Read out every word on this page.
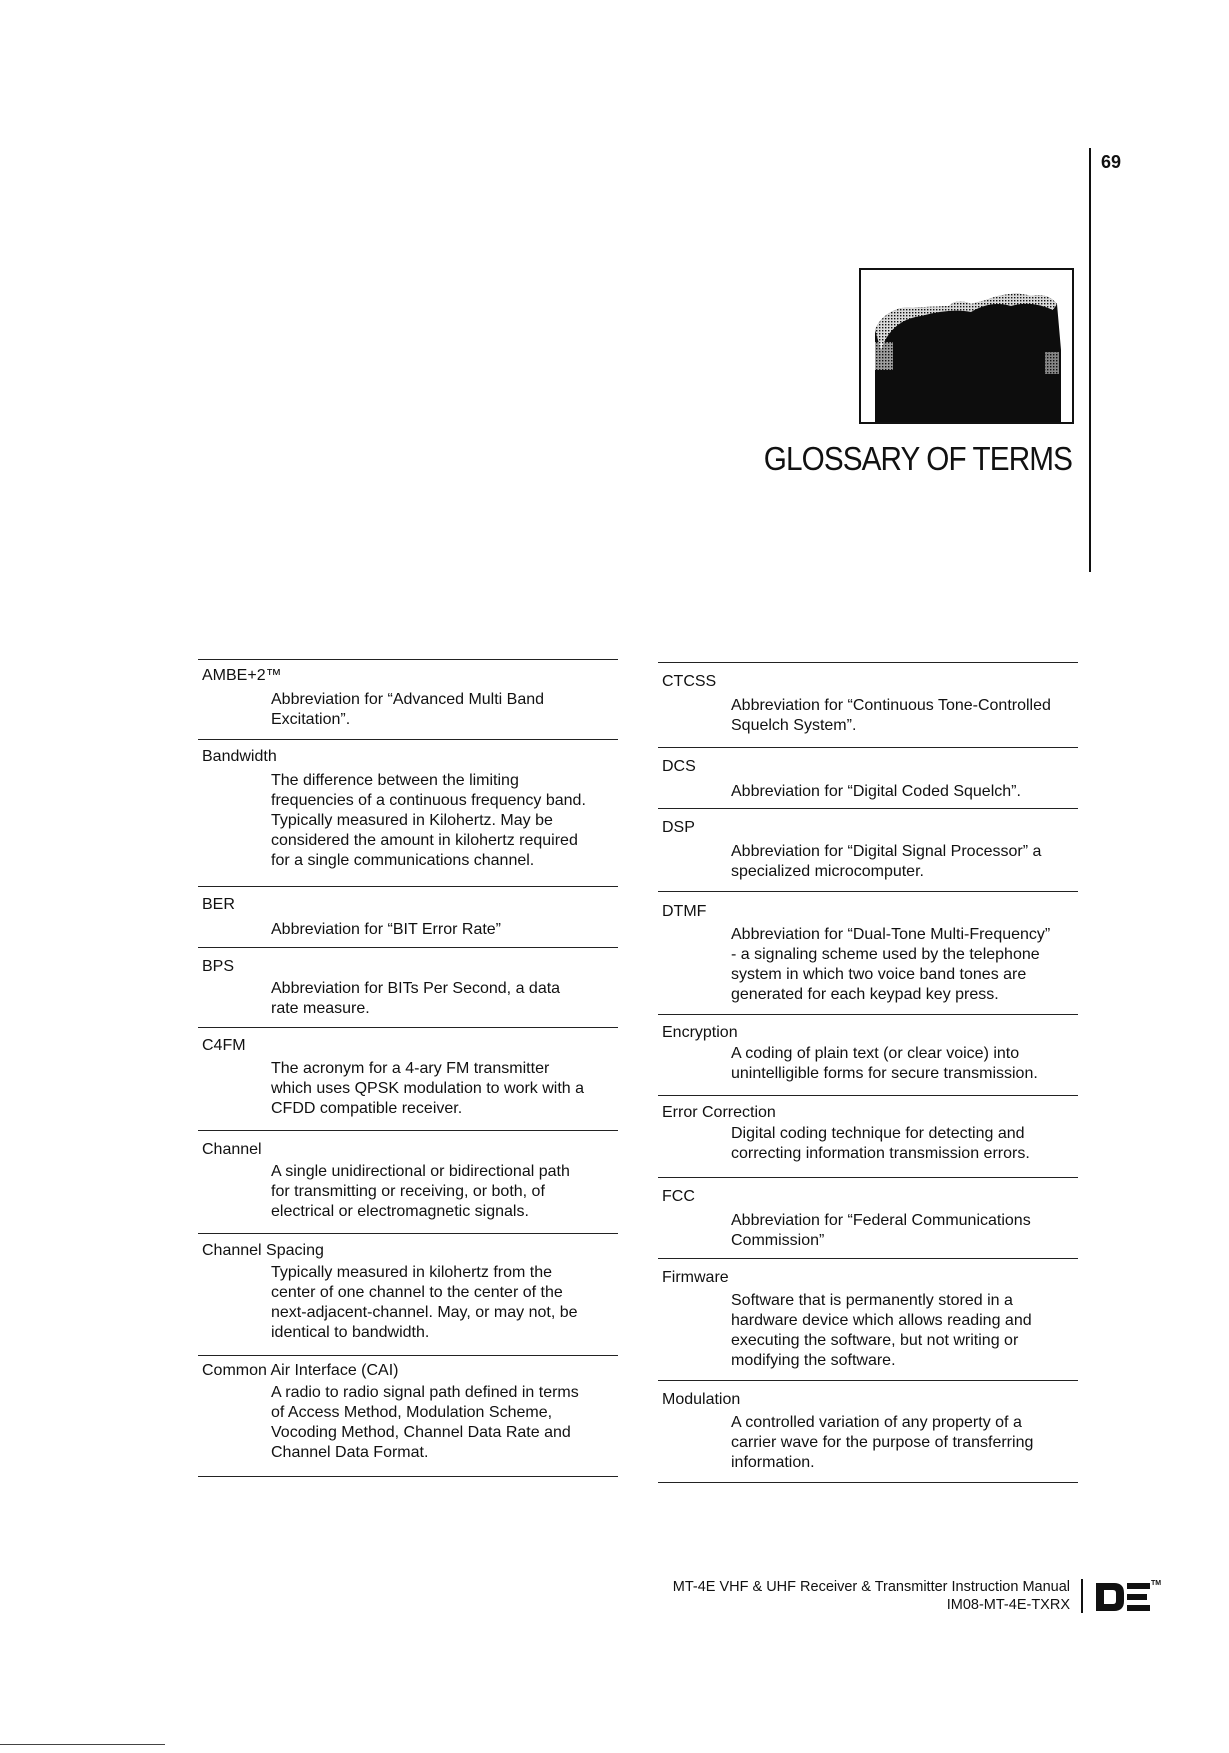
69
GLOSSARY OF TERMS
AMBE+2™
Abbreviation for “Advanced Multi Band
Excitation”.
Bandwidth
The difference between the limiting
frequencies of a continuous frequency band.
Typically measured in Kilohertz. May be
considered the amount in kilohertz required
for a single communications channel.
BER
Abbreviation for “BIT Error Rate”
BPS
Abbreviation for BITs Per Second, a data
rate measure.
C4FM
The acronym for a 4-ary FM transmitter
which uses QPSK modulation to work with a
CFDD compatible receiver.
Channel
A single unidirectional or bidirectional path
for transmitting or receiving, or both, of
electrical or electromagnetic signals.
Channel Spacing
Typically measured in kilohertz from the
center of one channel to the center of the
next-adjacent-channel. May, or may not, be
identical to bandwidth.
Common Air Interface (CAI)
A radio to radio signal path defined in terms
of Access Method, Modulation Scheme,
Vocoding Method, Channel Data Rate and
Channel Data Format.
CTCSS
Abbreviation for “Continuous Tone-Controlled
Squelch System”.
DCS
Abbreviation for “Digital Coded Squelch”.
DSP
Abbreviation for “Digital Signal Processor” a
specialized microcomputer.
DTMF
Abbreviation for “Dual-Tone Multi-Frequency”
- a signaling scheme used by the telephone
system in which two voice band tones are
generated for each keypad key press.
Encryption
A coding of plain text (or clear voice) into
unintelligible forms for secure transmission.
Error Correction
Digital coding technique for detecting and
correcting information transmission errors.
FCC
Abbreviation for “Federal Communications
Commission”
Firmware
Software that is permanently stored in a
hardware device which allows reading and
executing the software, but not writing or
modifying the software.
Modulation
A controlled variation of any property of a
carrier wave for the purpose of transferring
information.
MT-4E VHF & UHF Receiver & Transmitter Instruction Manual
IM08-MT-4E-TXRX
TM
